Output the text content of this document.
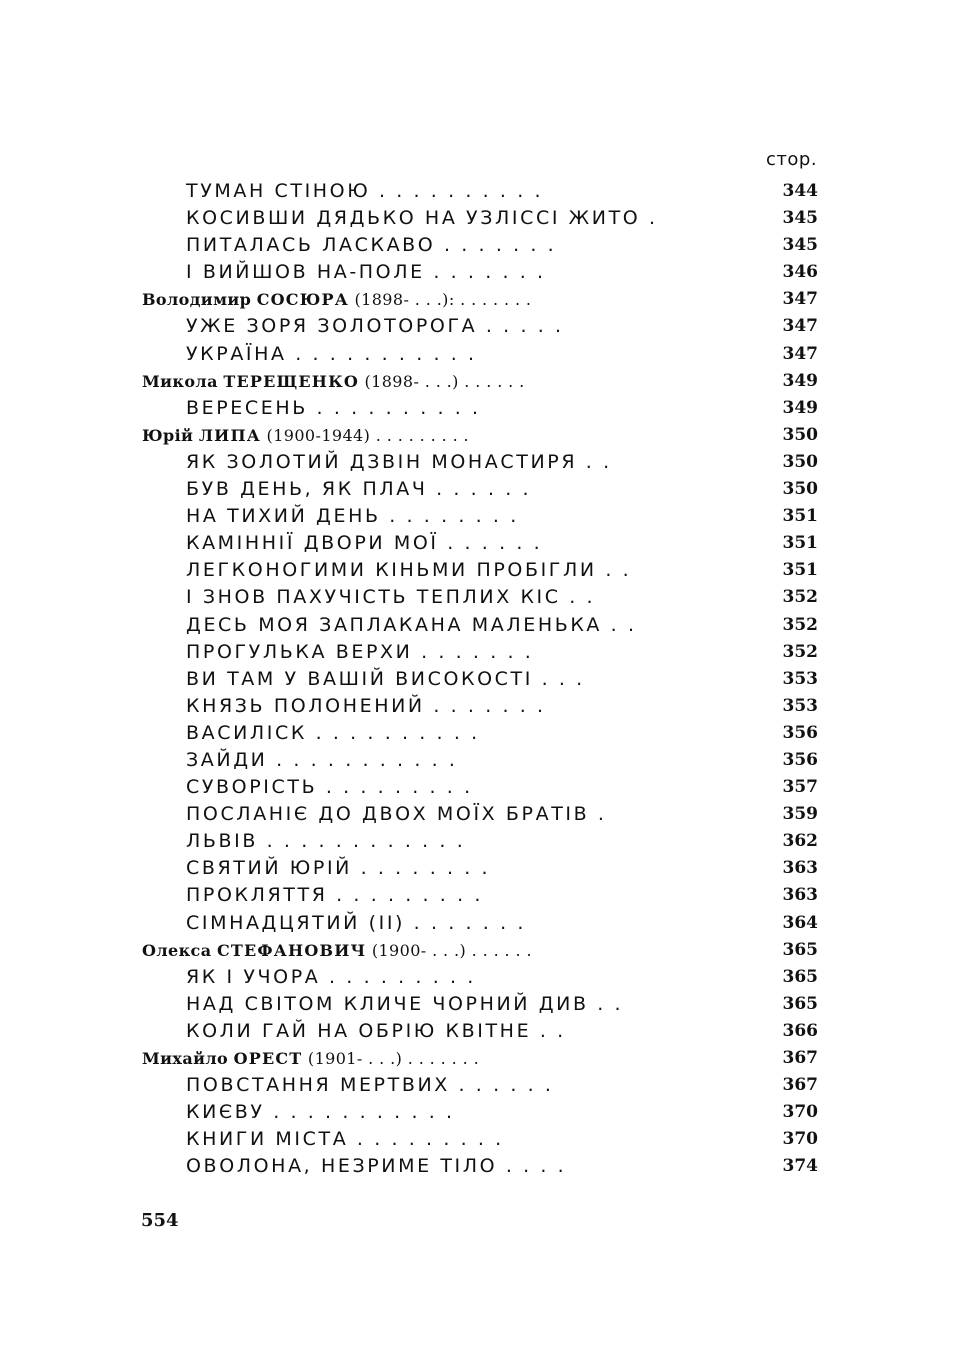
стор.
ТУМАН СТІНОЮ . . . . . . . . . .	344
КОСИВШИ ДЯДЬКО НА УЗЛІССІ ЖИТО .	345
ПИТАЛАСЬ ЛАСКАВО . . . . . . .	345
І ВИЙШОВ НА-ПОЛЕ . . . . . . .	346
Володимир СОСЮРА (1898- . . .): . . . . . . .	347
УЖЕ ЗОРЯ ЗОЛОТОРОГА . . . . .	347
УКРАЇНА . . . . . . . . . . .	347
Микола ТЕРЕЩЕНКО (1898- . . .) . . . . . .	349
ВЕРЕСЕНЬ . . . . . . . . . .	349
Юрій ЛИПА (1900-1944) . . . . . . . . .	350
ЯК ЗОЛОТИЙ ДЗВІН МОНАСТИРЯ . .	350
БУВ ДЕНЬ, ЯК ПЛАЧ . . . . . .	350
НА ТИХИЙ ДЕНЬ . . . . . . . .	351
КАМІННІЇ ДВОРИ МОЇ . . . . . .	351
ЛЕГКОНОГИМИ КІНЬМИ ПРОБІГЛИ . .	351
І ЗНОВ ПАХУЧІСТЬ ТЕПЛИХ КІС . .	352
ДЕСЬ МОЯ ЗАПЛАКАНА МАЛЕНЬКА . .	352
ПРОГУЛЬКА ВЕРХИ . . . . . . .	352
ВИ ТАМ У ВАШІЙ ВИСОКОСТІ . . .	353
КНЯЗЬ ПОЛОНЕНИЙ . . . . . . .	353
ВАСИЛІСК . . . . . . . . . .	356
ЗАЙДИ . . . . . . . . . . .	356
СУВОРІСТЬ . . . . . . . . .	357
ПОСЛАНІЄ ДО ДВОХ МОЇХ БРАТІВ .	359
ЛЬВІВ . . . . . . . . . . . .	362
СВЯТИЙ ЮРІЙ . . . . . . . .	363
ПРОКЛЯТТЯ . . . . . . . . .	363
СІМНАДЦЯТИЙ (II) . . . . . . .	364
Олекса СТЕФАНОВИЧ (1900- . . .) . . . . . .	365
ЯК І УЧОРА . . . . . . . . .	365
НАД СВІТОМ КЛИЧЕ ЧОРНИЙ ДИВ . .	365
КОЛИ ГАЙ НА ОБРІЮ КВІТНЕ . .	366
Михайло ОРЕСТ (1901- . . .) . . . . . . .	367
ПОВСТАННЯ МЕРТВИХ . . . . . .	367
КИЄВУ . . . . . . . . . . .	370
КНИГИ МІСТА . . . . . . . . .	370
ОВОЛОНА, НЕЗРИМЕ ТІЛО . . . .	374
554
